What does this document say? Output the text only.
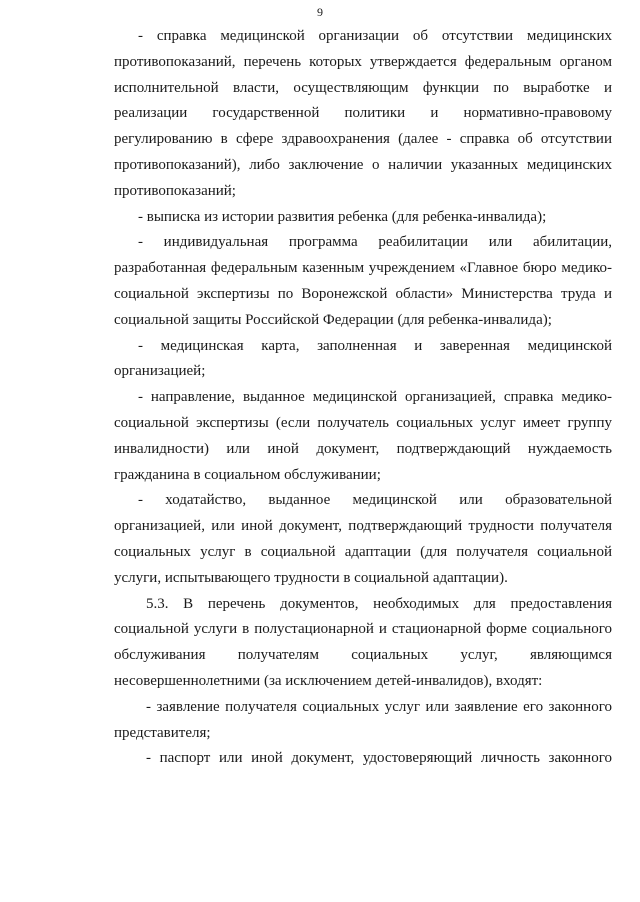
9

- справка медицинской организации об отсутствии медицинских противопоказаний, перечень которых утверждается федеральным органом исполнительной власти, осуществляющим функции по выработке и реализации государственной политики и нормативно-правовому регулированию в сфере здравоохранения (далее - справка об отсутствии противопоказаний), либо заключение о наличии указанных медицинских противопоказаний;

- выписка из истории развития ребенка (для ребенка-инвалида);

- индивидуальная программа реабилитации или абилитации, разработанная федеральным казенным учреждением «Главное бюро медико-социальной экспертизы по Воронежской области» Министерства труда и социальной защиты Российской Федерации (для ребенка-инвалида);

- медицинская карта, заполненная и заверенная медицинской организацией;

- направление, выданное медицинской организацией, справка медико-социальной экспертизы (если получатель социальных услуг имеет группу инвалидности) или иной документ, подтверждающий нуждаемость гражданина в социальном обслуживании;

- ходатайство, выданное медицинской или образовательной организацией, или иной документ, подтверждающий трудности получателя социальных услуг в социальной адаптации (для получателя социальной услуги, испытывающего трудности в социальной адаптации).

5.3. В перечень документов, необходимых для предоставления социальной услуги в полустационарной и стационарной форме социального обслуживания получателям социальных услуг, являющимся несовершеннолетними (за исключением детей-инвалидов), входят:

- заявление получателя социальных услуг или заявление его законного представителя;

- паспорт или иной документ, удостоверяющий личность законного
